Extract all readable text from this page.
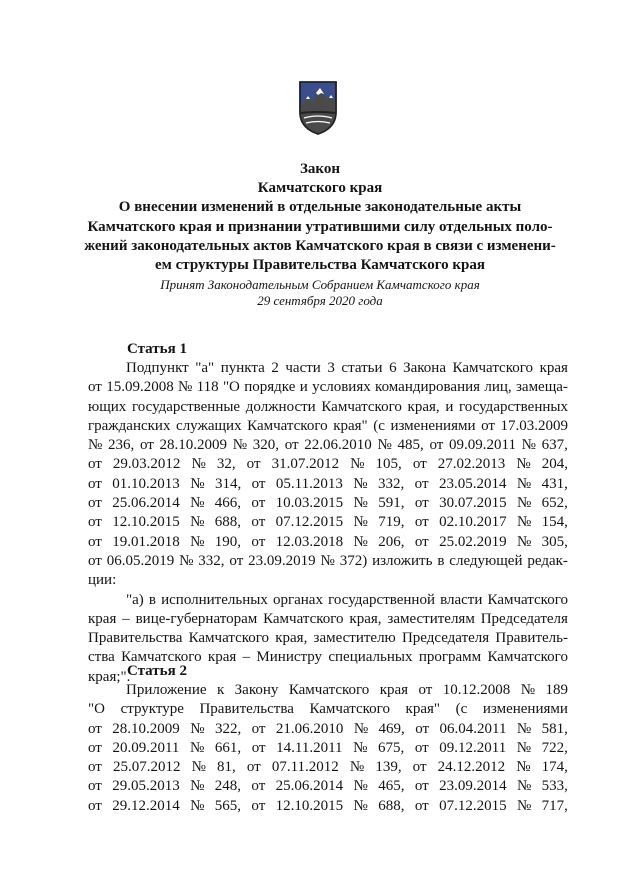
Закон
Камчатского края
О внесении изменений в отдельные законодательные акты
Камчатского края и признании утратившими силу отдельных поло-
жений законодательных актов Камчатского края в связи с изменени-
ем структуры Правительства Камчатского края
Принят Законодательным Собранием Камчатского края
29 сентября 2020 года
Статья 1
Подпункт "а" пункта 2 части 3 статьи 6 Закона Камчатского края
от 15.09.2008 № 118 "О порядке и условиях командирования лиц, замеща-
ющих государственные должности Камчатского края, и государственных
гражданских служащих Камчатского края" (с изменениями от 17.03.2009
№ 236, от 28.10.2009 № 320, от 22.06.2010 № 485, от 09.09.2011 № 637,
от 29.03.2012 № 32, от 31.07.2012 № 105, от 27.02.2013 № 204,
от 01.10.2013 № 314, от 05.11.2013 № 332, от 23.05.2014 № 431,
от 25.06.2014 № 466, от 10.03.2015 № 591, от 30.07.2015 № 652,
от 12.10.2015 № 688, от 07.12.2015 № 719, от 02.10.2017 № 154,
от 19.01.2018 № 190, от 12.03.2018 № 206, от 25.02.2019 № 305,
от 06.05.2019 № 332, от 23.09.2019 № 372) изложить в следующей редак-
ции:
"а) в исполнительных органах государственной власти Камчатского
края – вице-губернаторам Камчатского края, заместителям Председателя
Правительства Камчатского края, заместителю Председателя Правитель-
ства Камчатского края – Министру специальных программ Камчатского
края;".
Статья 2
Приложение к Закону Камчатского края от 10.12.2008 № 189
"О структуре Правительства Камчатского края" (с изменениями
от 28.10.2009 № 322, от 21.06.2010 № 469, от 06.04.2011 № 581,
от 20.09.2011 № 661, от 14.11.2011 № 675, от 09.12.2011 № 722,
от 25.07.2012 № 81, от 07.11.2012 № 139, от 24.12.2012 № 174,
от 29.05.2013 № 248, от 25.06.2014 № 465, от 23.09.2014 № 533,
от 29.12.2014 № 565, от 12.10.2015 № 688, от 07.12.2015 № 717,
